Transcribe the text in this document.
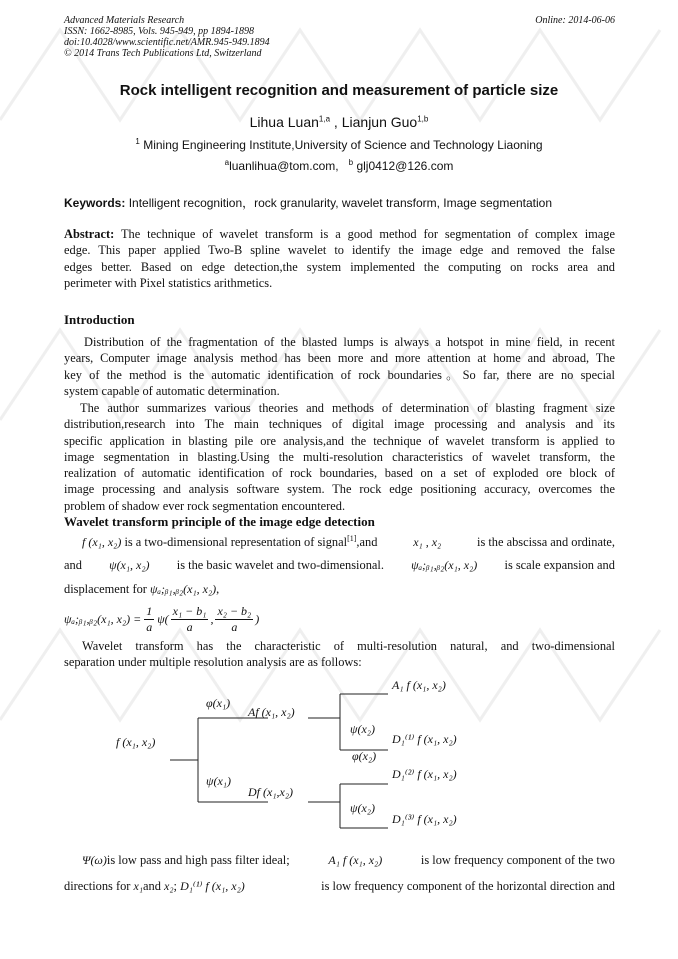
Advanced Materials Research
ISSN: 1662-8985, Vols. 945-949, pp 1894-1898
doi:10.4028/www.scientific.net/AMR.945-949.1894
© 2014 Trans Tech Publications Ltd, Switzerland
Online: 2014-06-06
Rock intelligent recognition and measurement of particle size
Lihua Luan$^{1,a}$ , Lianjun Guo$^{1,b}$
$^1$ Mining Engineering Institute,University of Science and Technology Liaoning
$^a$luanlihua@tom.com, $^b$ glj0412@126.com
Keywords: Intelligent recognition，rock granularity, wavelet transform, Image segmentation
Abstract: The technique of wavelet transform is a good method for segmentation of complex image
edge. This paper applied Two-B spline wavelet to identify the image edge and removed the false
edges better. Based on edge detection,the system implemented the computing on rocks area and
perimeter with Pixel statistics arithmetics.
Introduction
Distribution of the fragmentation of the blasted lumps is always a hotspot in mine field, in recent
years, Computer image analysis method has been more and more attention at home and abroad, The
key of the method is the automatic identification of rock boundaries。So far, there are no special
system capable of automatic determination.
The author summarizes various theories and methods of determination of blasting fragment size
distribution,research into The main techniques of digital image processing and analysis and its
specific application in blasting pile ore analysis,and the technique of wavelet transform is applied to
image segmentation in blasting.Using the multi-resolution characteristics of wavelet transform, the
realization of automatic identification of rock boundaries, based on a set of exploded ore block of
image processing and analysis software system. The rock edge positioning accuracy, overcomes the
problem of shadow ever rock segmentation encountered.
Wavelet transform principle of the image edge detection
f (x₁, x₂) is a two-dimensional representation of signal[1],and	x₁ , x₂	is the abscissa and ordinate,
and ψ(x₁, x₂) is the basic wavelet and two-dimensional. ψₐ;ᵦ₁,ᵦ₂(x₁, x₂) is scale expansion and
displacement for ψₐ;ᵦ₁,ᵦ₂(x₁, x₂),
ψₐ;ᵦ₁,ᵦ₂(x₁, $x_2) = \frac{1}{a} \psi( \frac{\text{x₁ − b₁}}{a}$ , $\frac{\text{x₂ − b₂}}{a}$ )
Wavelet transform has the characteristic of multi-resolution natural, and two-dimensional
separation under multiple resolution analysis are as follows:
f (x₁, x₂)
φ(x₁)
ψ(x₁)
Af (x₁, x₂)
Df (x₁,x₂)
A₁ f (x₁, x₂)
ψ(x₂)
φ(x₂)
D₁⁽¹⁾ f (x₁, x₂)
D₁⁽²⁾ f (x₁, x₂)
ψ(x₂)
D₁⁽³⁾ f (x₁, x₂)
Ψ(ω)is low pass and high pass filter ideal;	A₁ f (x₁, x₂)	is low frequency component of the two
directions for x₁and x₂; D₁⁽¹⁾ f (x₁, x₂)	is low frequency component of the horizontal direction and
